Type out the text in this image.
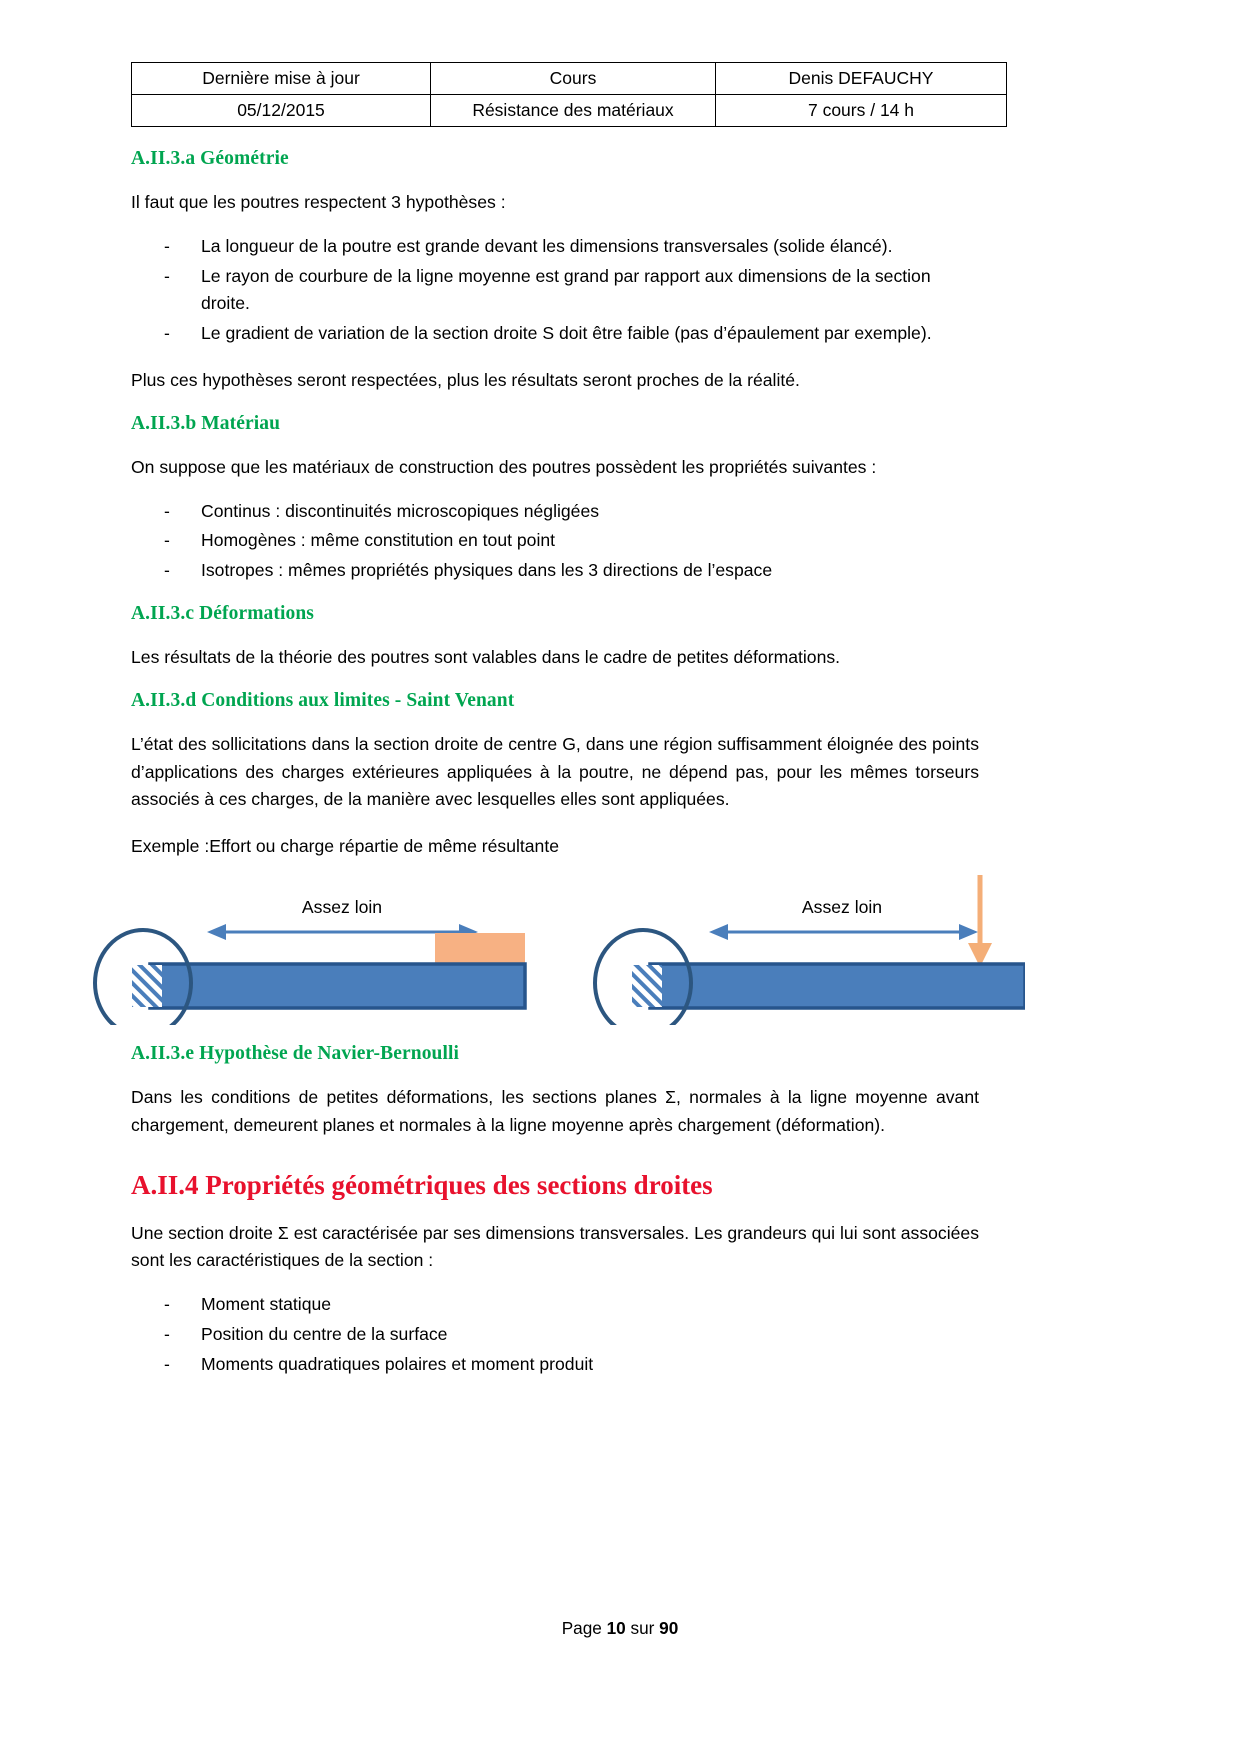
Dernière mise à jour	Cours	Denis DEFAUCHY
05/12/2015	Résistance des matériaux	7 cours / 14 h
A.II.3.a Géométrie

Il faut que les poutres respectent 3 hypothèses :

- La longueur de la poutre est grande devant les dimensions transversales (solide élancé).
- Le rayon de courbure de la ligne moyenne est grand par rapport aux dimensions de la section droite.
- Le gradient de variation de la section droite S doit être faible (pas d’épaulement par exemple).

Plus ces hypothèses seront respectées, plus les résultats seront proches de la réalité.

A.II.3.b Matériau

On suppose que les matériaux de construction des poutres possèdent les propriétés suivantes :

- Continus : discontinuités microscopiques négligées
- Homogènes : même constitution en tout point
- Isotropes : mêmes propriétés physiques dans les 3 directions de l’espace
A.II.3.c Déformations

Les résultats de la théorie des poutres sont valables dans le cadre de petites déformations.

A.II.3.d Conditions aux limites - Saint Venant

L’état des sollicitations dans la section droite de centre G, dans une région suffisamment éloignée des points d’applications des charges extérieures appliquées à la poutre, ne dépend pas, pour les mêmes torseurs associés à ces charges, de la manière avec lesquelles elles sont appliquées.

Exemple :Effort ou charge répartie de même résultante

Assez loin	Assez loin
A.II.3.e Hypothèse de Navier-Bernoulli

Dans les conditions de petites déformations, les sections planes Σ, normales à la ligne moyenne avant chargement, demeurent planes et normales à la ligne moyenne après chargement (déformation).

A.II.4 Propriétés géométriques des sections droites

Une section droite Σ est caractérisée par ses dimensions transversales. Les grandeurs qui lui sont associées sont les caractéristiques de la section :

- Moment statique
- Position du centre de la surface
- Moments quadratiques polaires et moment produit
Page 10 sur 90
